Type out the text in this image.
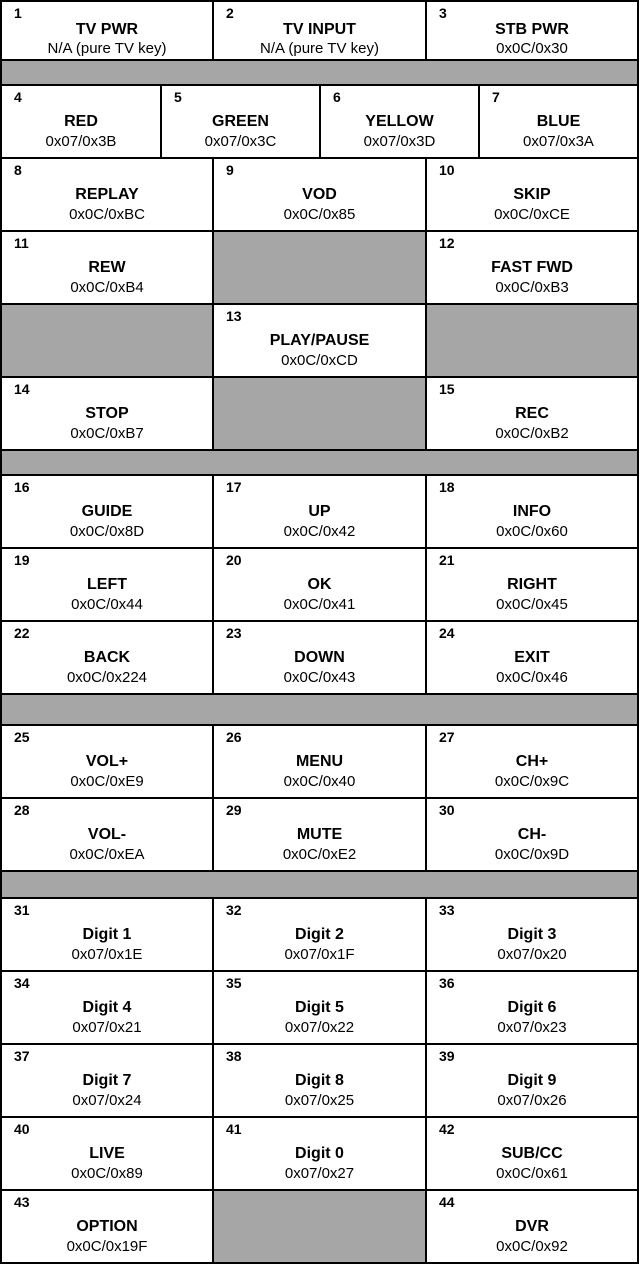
1
TV PWR
N/A (pure TV key)
2
TV INPUT
N/A (pure TV key)
3
STB PWR
0x0C/0x30
4
RED
0x07/0x3B
5
GREEN
0x07/0x3C
6
YELLOW
0x07/0x3D
7
BLUE
0x07/0x3A
8
REPLAY
0x0C/0xBC
9
VOD
0x0C/0x85
10
SKIP
0x0C/0xCE
11
REW
0x0C/0xB4
12
FAST FWD
0x0C/0xB3
13
PLAY/PAUSE
0x0C/0xCD
14
STOP
0x0C/0xB7
15
REC
0x0C/0xB2
16
GUIDE
0x0C/0x8D
17
UP
0x0C/0x42
18
INFO
0x0C/0x60
19
LEFT
0x0C/0x44
20
OK
0x0C/0x41
21
RIGHT
0x0C/0x45
22
BACK
0x0C/0x224
23
DOWN
0x0C/0x43
24
EXIT
0x0C/0x46
25
VOL+
0x0C/0xE9
26
MENU
0x0C/0x40
27
CH+
0x0C/0x9C
28
VOL-
0x0C/0xEA
29
MUTE
0x0C/0xE2
30
CH-
0x0C/0x9D
31
Digit 1
0x07/0x1E
32
Digit 2
0x07/0x1F
33
Digit 3
0x07/0x20
34
Digit 4
0x07/0x21
35
Digit 5
0x07/0x22
36
Digit 6
0x07/0x23
37
Digit 7
0x07/0x24
38
Digit 8
0x07/0x25
39
Digit 9
0x07/0x26
40
LIVE
0x0C/0x89
41
Digit 0
0x07/0x27
42
SUB/CC
0x0C/0x61
43
OPTION
0x0C/0x19F
44
DVR
0x0C/0x92
